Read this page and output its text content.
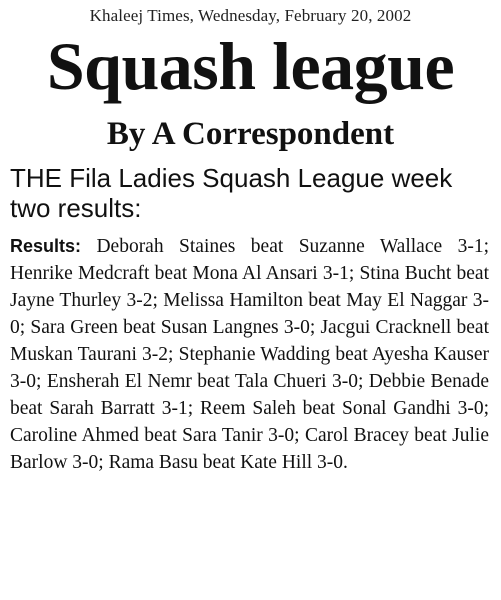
Khaleej Times, Wednesday, February 20, 2002
Squash league
By A Correspondent
THE Fila Ladies Squash League week two results:
Results: Deborah Staines beat Suzanne Wallace 3-1; Henrike Medcraft beat Mona Al Ansari 3-1; Stina Bucht beat Jayne Thurley 3-2; Melissa Hamilton beat May El Naggar 3-0; Sara Green beat Susan Langnes 3-0; Jacgui Cracknell beat Muskan Taurani 3-2; Stephanie Wadding beat Ayesha Kauser 3-0; Ensherah El Nemr beat Tala Chueri 3-0; Debbie Benade beat Sarah Barratt 3-1; Reem Saleh beat Sonal Gandhi 3-0; Caroline Ahmed beat Sara Tanir 3-0; Carol Bracey beat Julie Barlow 3-0; Rama Basu beat Kate Hill 3-0.
